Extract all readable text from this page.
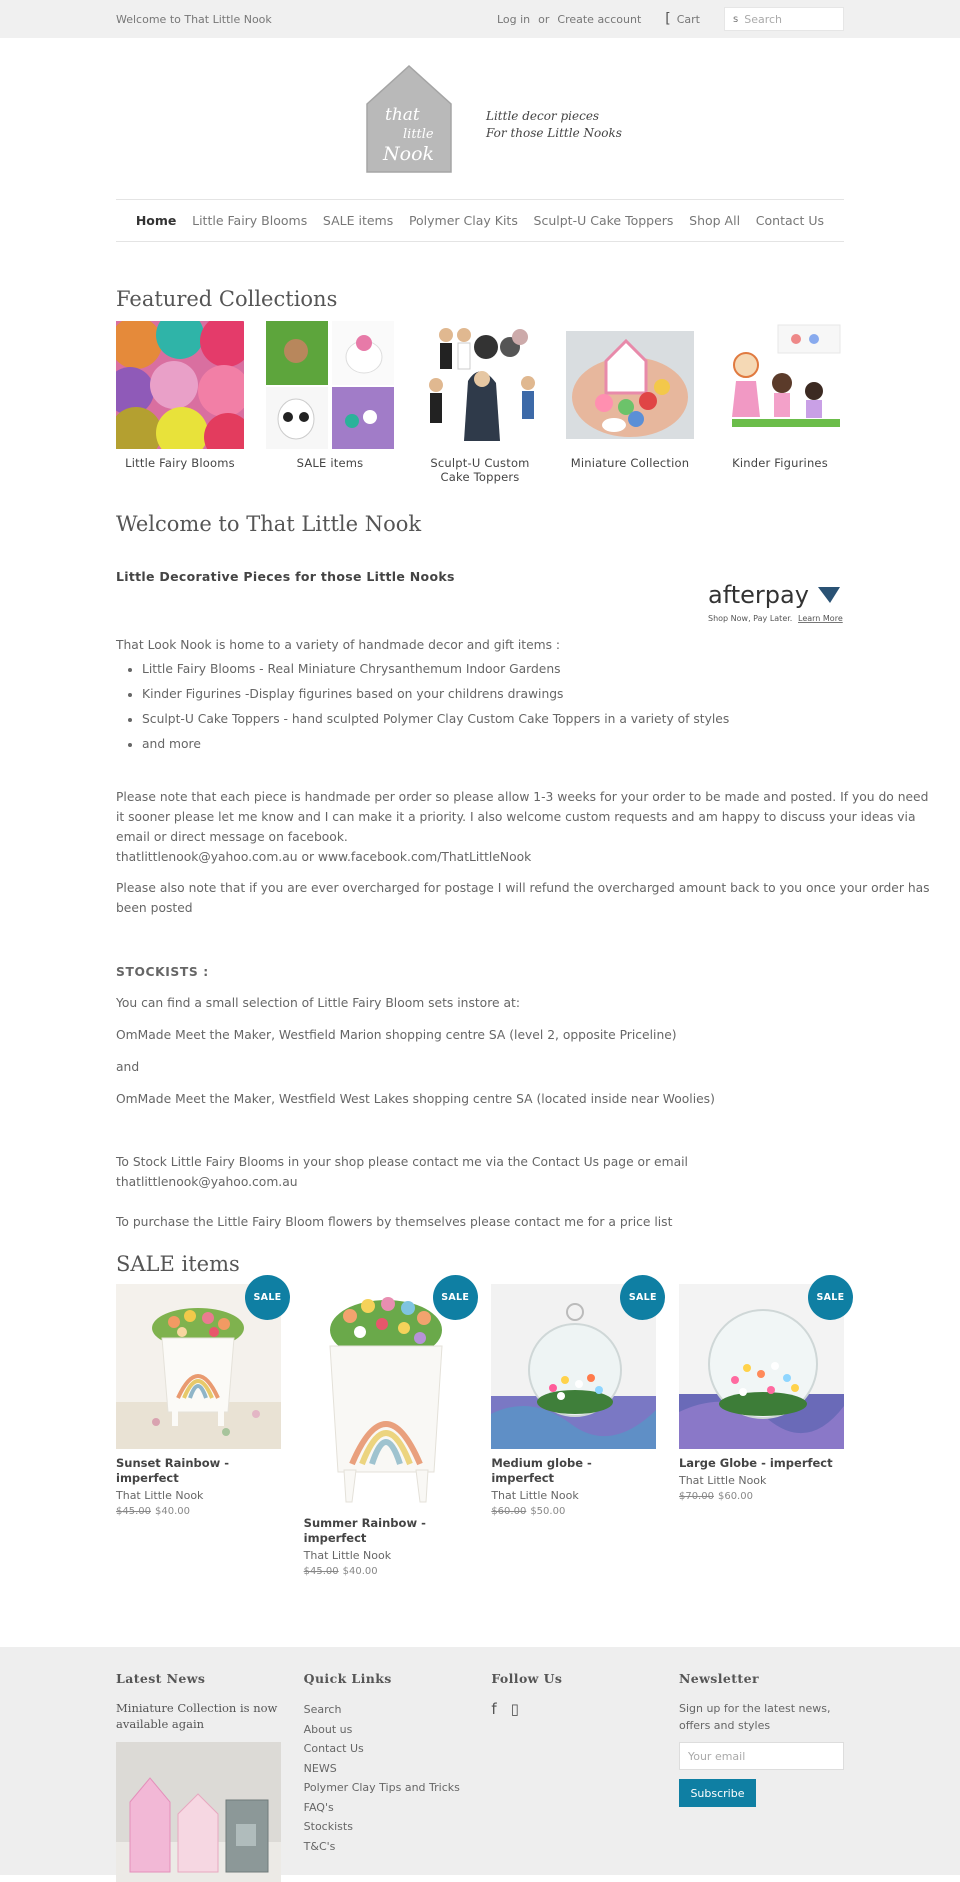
Welcome to That Little Nook	Log in or Create account [ Cart	s Search
that
little
Nook
Little decor pieces
For those Little Nooks
Home Little Fairy Blooms SALE items Polymer Clay Kits Sculpt-U Cake Toppers Shop All Contact Us
Featured Collections
Little Fairy Blooms	SALE items	Sculpt-U Custom Cake Toppers
Miniature Collection	Kinder Figurines
Welcome to That Little Nook
Little Decorative Pieces for those Little Nooks
afterpay
Shop Now, Pay Later. Learn More

That Look Nook is home to a variety of handmade decor and gift items :

• Little Fairy Blooms - Real Miniature Chrysanthemum Indoor Gardens
• Kinder Figurines -Display figurines based on your childrens drawings
• Sculpt-U Cake Toppers - hand sculpted Polymer Clay Custom Cake Toppers in a variety of styles
• and more

Please note that each piece is handmade per order so please allow 1-3 weeks for your order to be made and posted. If you do need it sooner please let me know and I can make it a priority. I also welcome custom requests and am happy to discuss your ideas via email or direct message on facebook.

thatlittlenook@yahoo.com.au or www.facebook.com/ThatLittleNook

Please also note that if you are ever overcharged for postage I will refund the overcharged amount back to you once your order has been posted

STOCKISTS :

You can find a small selection of Little Fairy Bloom sets instore at:

OmMade Meet the Maker, Westfield Marion shopping centre SA (level 2, opposite Priceline)

and

OmMade Meet the Maker, Westfield West Lakes shopping centre SA (located inside near Woolies)

To Stock Little Fairy Blooms in your shop please contact me via the Contact Us page or email thatlittlenook@yahoo.com.au

To purchase the Little Fairy Bloom flowers by themselves please contact me for a price list

SALE items
SALE
Sunset Rainbow - imperfect
That Little Nook
$45.00 $40.00
SALE
Summer Rainbow - imperfect
That Little Nook
$45.00 $40.00
SALE
Medium globe - imperfect
That Little Nook
$60.00 $50.00
SALE
Large Globe - imperfect
That Little Nook
$70.00 $60.00
Latest News
Miniature Collection is now available again
Quick Links
Search
About us
Contact Us
NEWS
Polymer Clay Tips and Tricks
FAQ's
Stockists
T&C's
Follow Us
f ▯
Newsletter
Sign up for the latest news, offers and styles
Your email
Subscribe
